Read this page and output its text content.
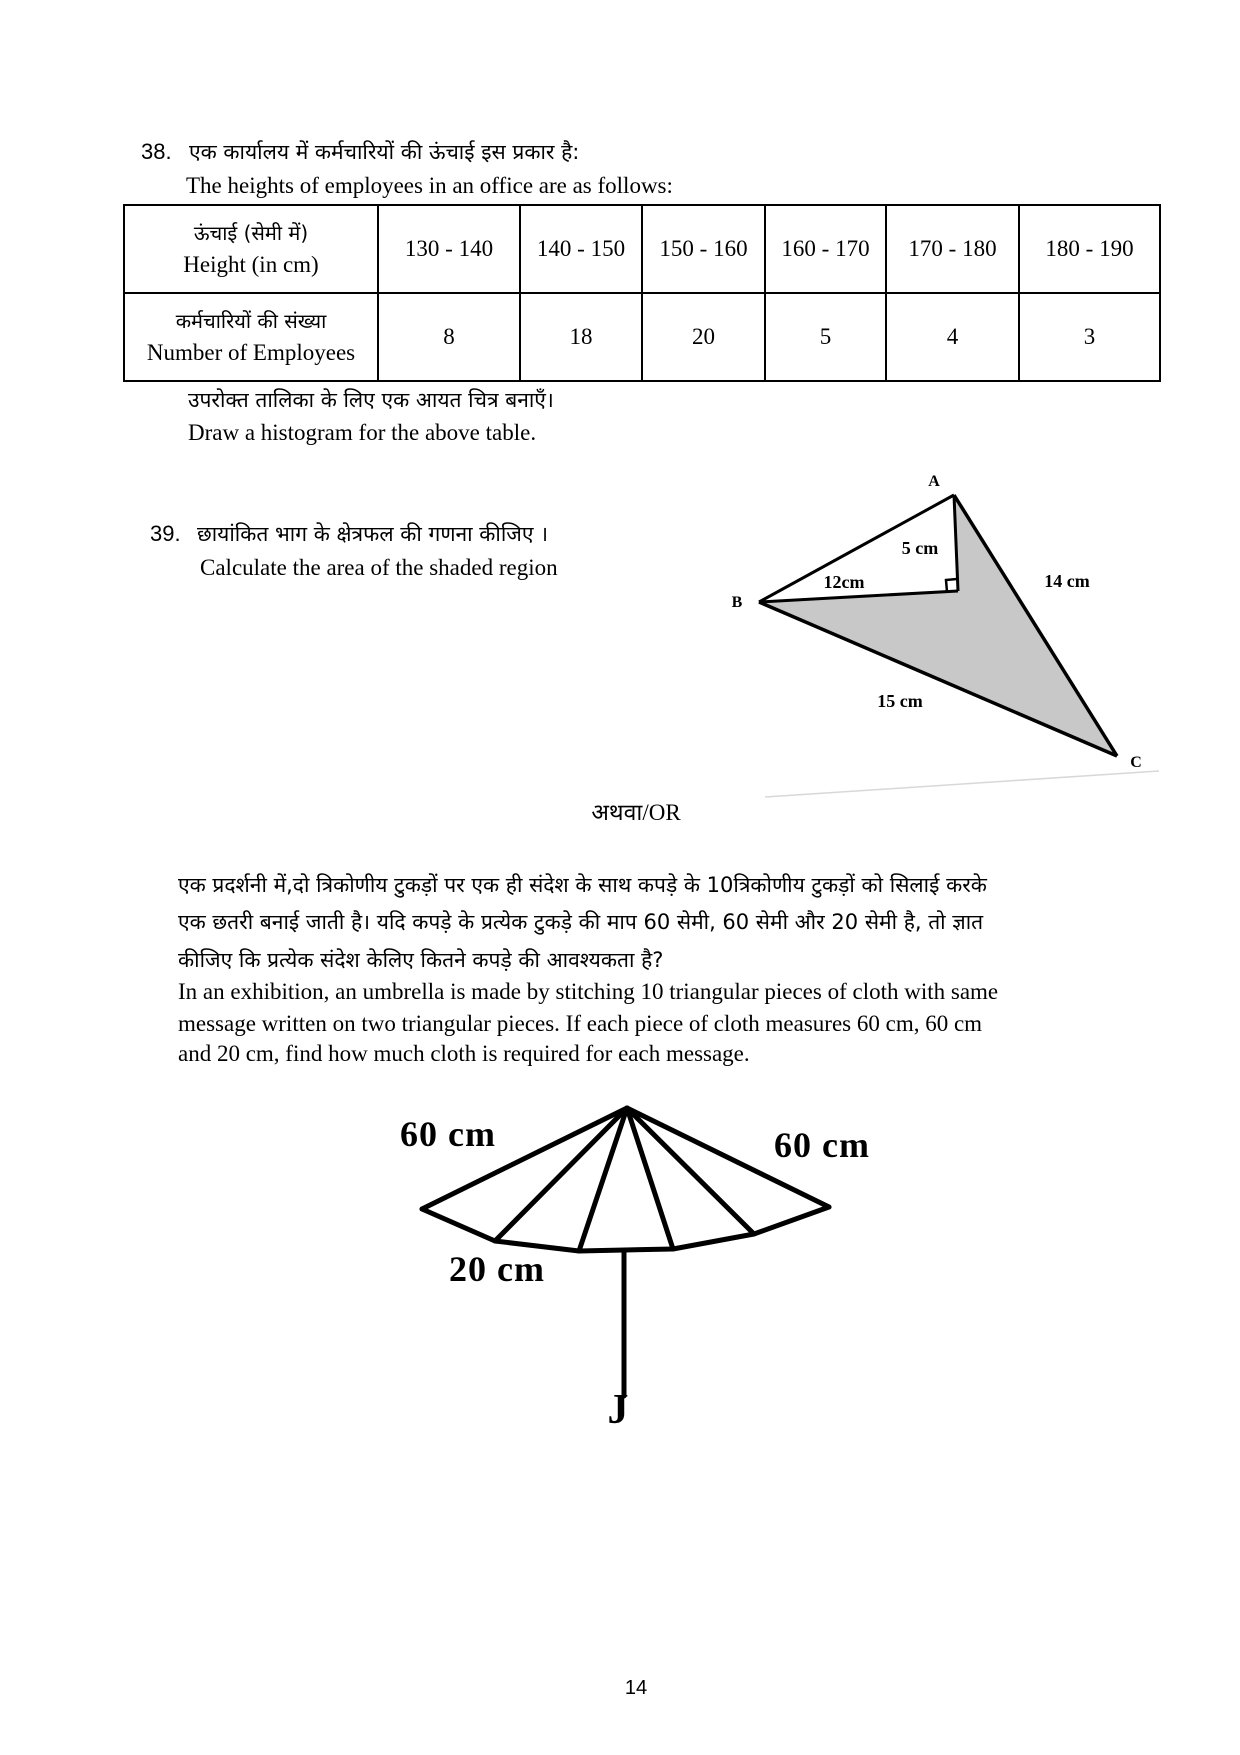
38. एक कार्यालय में कर्मचारियों की ऊंचाई इस प्रकार है:
The heights of employees in an office are as follows:
ऊंचाई (सेमी में)
Height (in cm)	130 - 140	140 - 150	150 - 160	160 - 170	170 - 180	180 - 190

कर्मचारियों की संख्या
Number of Employees	8	18	20	5	4	3
उपरोक्त तालिका के लिए एक आयत चित्र बनाएँ।
Draw a histogram for the above table.
39. छायांकित भाग के क्षेत्रफल की गणना कीजिए ।
Calculate the area of the shaded region
A
B
C
5 cm
12cm	14 cm
15 cm
अथवा/OR
एक प्रदर्शनी में,दो त्रिकोणीय टुकड़ों पर एक ही संदेश के साथ कपड़े के 10त्रिकोणीय टुकड़ों को सिलाई करके
एक छतरी बनाई जाती है। यदि कपड़े के प्रत्येक टुकड़े की माप 60 सेमी, 60 सेमी और 20 सेमी है, तो ज्ञात
कीजिए कि प्रत्येक संदेश केलिए कितने कपड़े की आवश्यकता है?
In an exhibition, an umbrella is made by stitching 10 triangular pieces of cloth with same
message written on two triangular pieces. If each piece of cloth measures 60 cm, 60 cm
and 20 cm, find how much cloth is required for each message.
J
60 cm	60 cm
20 cm
14
